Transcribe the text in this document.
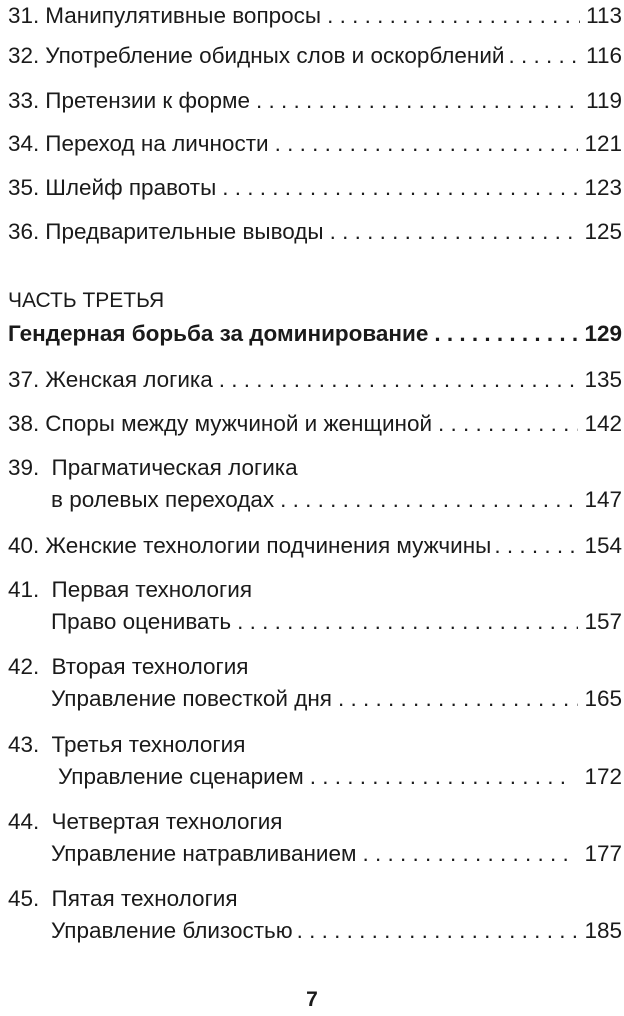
31. Манипулятивные вопросы . . .	113
32. Употребление обидных слов и оскорблений . . .	116
33. Претензии к форме . . .	119
34. Переход на личности . . .	121
35. Шлейф правоты . . .	123
36. Предварительные выводы . . .	125
ЧАСТЬ ТРЕТЬЯ
Гендерная борьба за доминирование . . .	129
37. Женская логика . . .	135
38. Споры между мужчиной и женщиной . . .	142
39. Прагматическая логика
в ролевых переходах . . .	147
40. Женские технологии подчинения мужчины . . .	154
41. Первая технология
Право оценивать . . .	157
42. Вторая технология
Управление повесткой дня . . .	165
43. Третья технология
Управление сценарием . . .	172
44. Четвертая технология
Управление натравливанием . . .	177
45. Пятая технология
Управление близостью . . .	185
7
